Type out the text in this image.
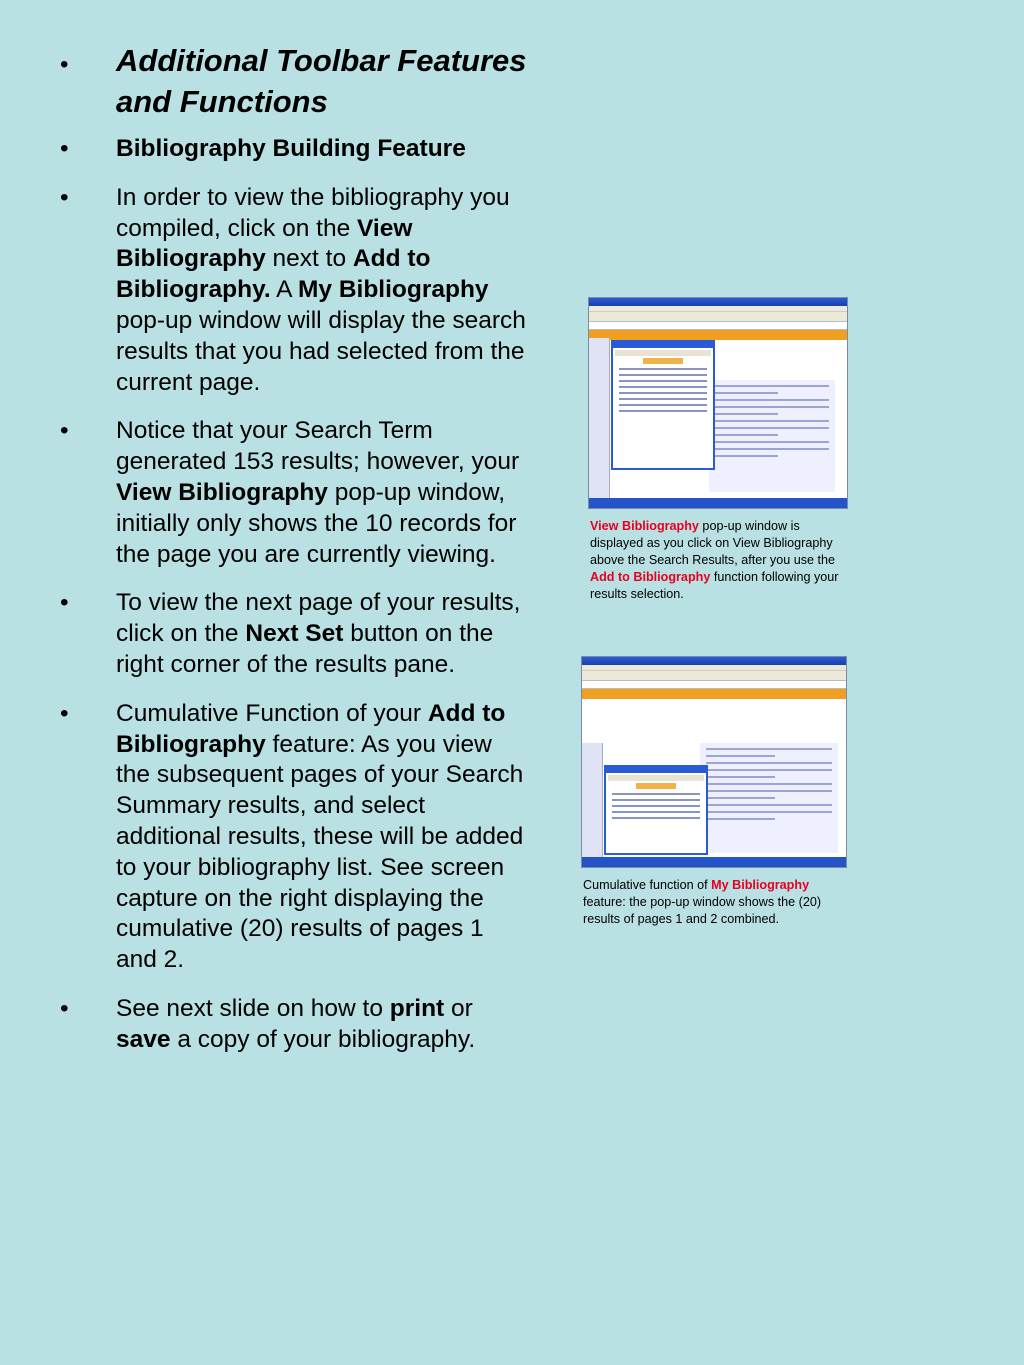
•	Additional Toolbar Features and Functions
•	Bibliography Building Feature
•	In order to view the bibliography you compiled, click on the View Bibliography next to Add to Bibliography. A My Bibliography pop-up window will display the search results that you had selected from the current page.
•	Notice that your Search Term generated 153 results; however, your View Bibliography pop-up window, initially only shows the 10 records for the page you are currently viewing.
•	To view the next page of your results, click on the Next Set button on the right corner of the results pane.
•	Cumulative Function of your Add to Bibliography feature: As you view the subsequent pages of your Search Summary results, and select additional results, these will be added to your bibliography list. See screen capture on the right displaying the cumulative (20) results of pages 1 and 2.
•	See next slide on how to print or save a copy of your bibliography.
View Bibliography pop-up window is displayed as you click on View Bibliography above the Search Results, after you use the Add to Bibliography function following your results selection.
Cumulative function of My Bibliography feature: the pop-up window shows the (20) results of pages 1 and 2 combined.
